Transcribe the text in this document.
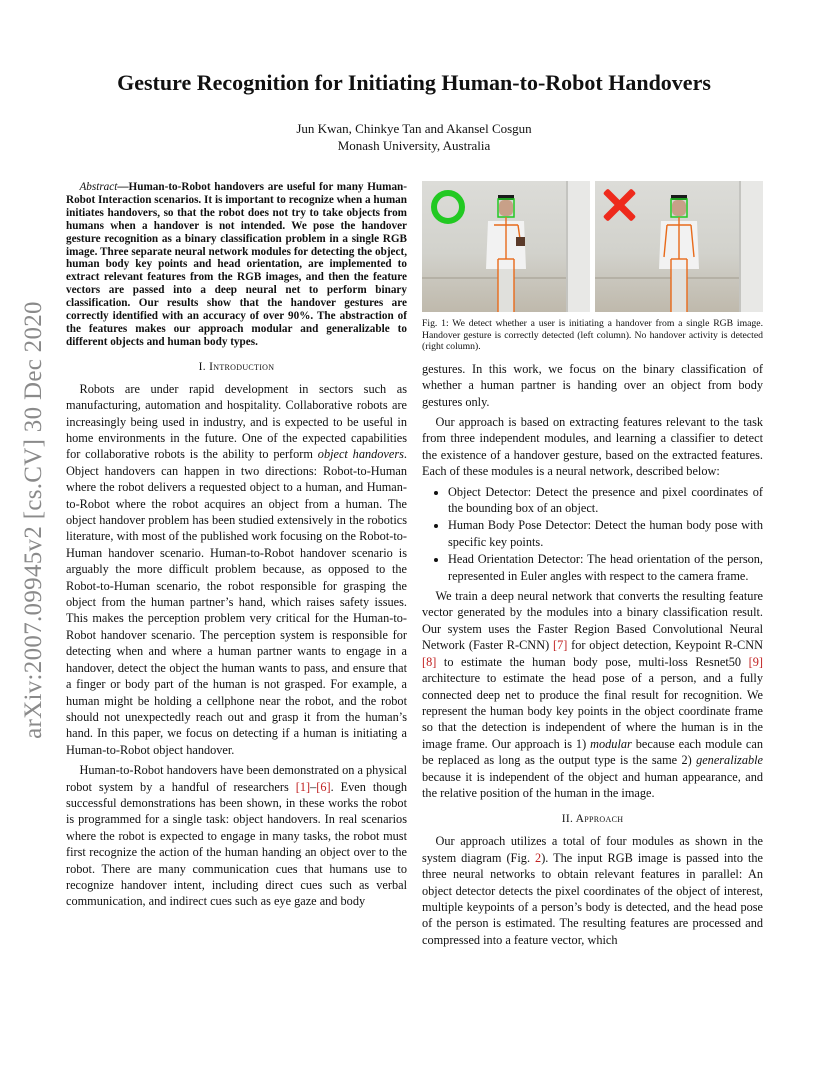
arXiv:2007.09945v2 [cs.CV] 30 Dec 2020
Gesture Recognition for Initiating Human-to-Robot Handovers
Jun Kwan, Chinkye Tan and Akansel Cosgun
Monash University, Australia

Abstract—Human-to-Robot handovers are useful for many Human-Robot Interaction scenarios. It is important to recognize when a human initiates handovers, so that the robot does not try to take objects from humans when a handover is not intended. We pose the handover gesture recognition as a binary classification problem in a single RGB image. Three separate neural network modules for detecting the object, human body key points and head orientation, are implemented to extract relevant features from the RGB images, and then the feature vectors are passed into a deep neural net to perform binary classification. Our results show that the handover gestures are correctly identified with an accuracy of over 90%. The abstraction of the features makes our approach modular and generalizable to different objects and human body types.

I. Introduction

Robots are under rapid development in sectors such as manufacturing, automation and hospitality. Collaborative robots are increasingly being used in industry, and is expected to be useful in home environments in the future. One of the expected capabilities for collaborative robots is the ability to perform object handovers. Object handovers can happen in two directions: Robot-to-Human where the robot delivers a requested object to a human, and Human-to-Robot where the robot acquires an object from a human. The object handover problem has been studied extensively in the robotics literature, with most of the published work focusing on the Robot-to-Human handover scenario. Human-to-Robot handover scenario is arguably the more difficult problem because, as opposed to the Robot-to-Human scenario, the robot responsible for grasping the object from the human partner’s hand, which raises safety issues. This makes the perception problem very critical for the Human-to-Robot handover scenario. The perception system is responsible for detecting when and where a human partner wants to engage in a handover, detect the object the human wants to pass, and ensure that a finger or body part of the human is not grasped. For example, a human might be holding a cellphone near the robot, and the robot should not unexpectedly reach out and grasp it from the human’s hand. In this paper, we focus on detecting if a human is initiating a Human-to-Robot object handover.

Human-to-Robot handovers have been demonstrated on a physical robot system by a handful of researchers [1]–[6]. Even though successful demonstrations has been shown, in these works the robot is programmed for a single task: object handovers. In real scenarios where the robot is expected to engage in many tasks, the robot must first recognize the action of the human handing an object over to the robot. There are many communication cues that humans use to recognize handover intent, including direct cues such as verbal communication, and indirect cues such as eye gaze and body

Fig. 1: We detect whether a user is initiating a handover from a single RGB image. Handover gesture is correctly detected (left column). No handover activity is detected (right column).

gestures. In this work, we focus on the binary classification of whether a human partner is handing over an object from body gestures only.

Our approach is based on extracting features relevant to the task from three independent modules, and learning a classifier to detect the existence of a handover gesture, based on the extracted features. Each of these modules is a neural network, described below:

• Object Detector: Detect the presence and pixel coordinates of the bounding box of an object.
• Human Body Pose Detector: Detect the human body pose with specific key points.
• Head Orientation Detector: The head orientation of the person, represented in Euler angles with respect to the camera frame.

We train a deep neural network that converts the resulting feature vector generated by the modules into a binary classification result. Our system uses the Faster Region Based Convolutional Neural Network (Faster R-CNN) [7] for object detection, Keypoint R-CNN [8] to estimate the human body pose, multi-loss Resnet50 [9] architecture to estimate the head pose of a person, and a fully connected deep net to produce the final result for recognition. We represent the human body key points in the object coordinate frame so that the detection is independent of where the human is in the image frame. Our approach is 1) modular because each module can be replaced as long as the output type is the same 2) generalizable because it is independent of the object and human appearance, and the relative position of the human in the image.

II. Approach

Our approach utilizes a total of four modules as shown in the system diagram (Fig. 2). The input RGB image is passed into the three neural networks to obtain relevant features in parallel: An object detector detects the pixel coordinates of the object of interest, multiple keypoints of a person’s body is detected, and the head pose of the person is estimated. The resulting features are processed and compressed into a feature vector, which
